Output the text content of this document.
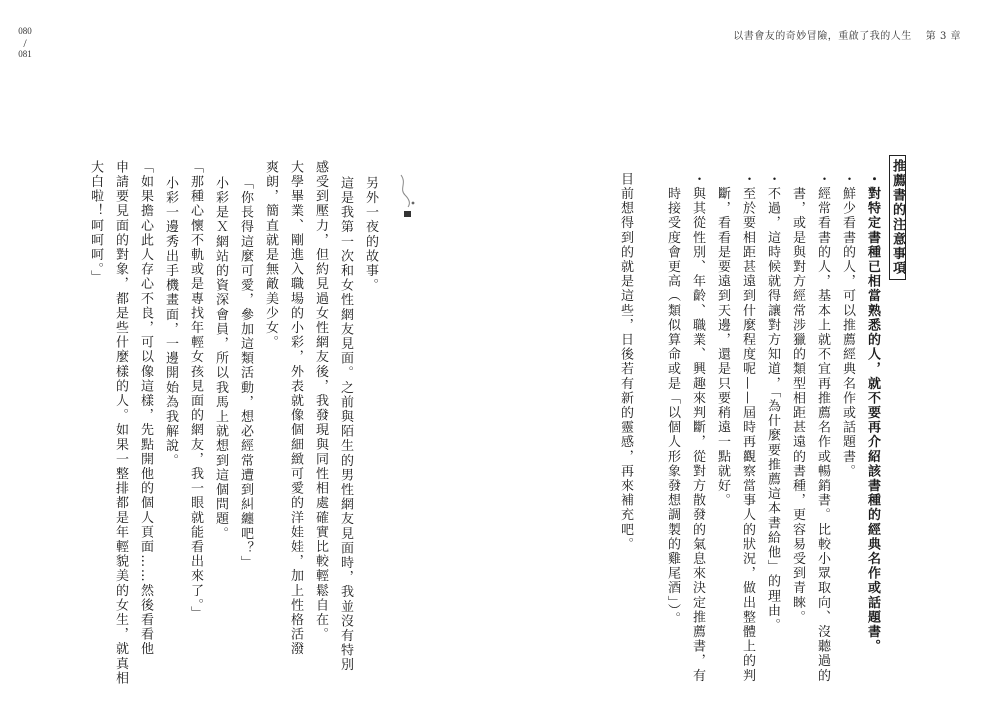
080
/
081
以書會友的奇妙冒險，重啟了我的人生 第 3 章
推薦書的注意事項
・對特定書種已相當熟悉的人，就不要再介紹該書種的經典名作或話題書。
・鮮少看書的人，可以推薦經典名作或話題書。
・經常看書的人，基本上就不宜再推薦名作或暢銷書。比較小眾取向、沒聽過的
　書，或是與對方經常涉獵的類型相距甚遠的書種，更容易受到青睞。
・不過，這時候就得讓對方知道，「為什麼要推薦這本書給他」的理由。
・至於要相距甚遠到什麼程度呢——屆時再觀察當事人的狀況，做出整體上的判
　斷，看看是要遠到天邊，還是只要稍遠一點就好。
・與其從性別、年齡、職業、興趣來判斷，從對方散發的氣息來決定推薦書，有
　時接受度會更高（類似算命或是「以個人形象發想調製的雞尾酒」）。
目前想得到的就是這些，日後若有新的靈感，再來補充吧。
另外一夜的故事。
這是我第一次和女性網友見面。之前與陌生的男性網友見面時，我並沒有特別
感受到壓力，但約見過女性網友後，我發現與同性相處確實比較輕鬆自在。
大學畢業、剛進入職場的小彩，外表就像個細緻可愛的洋娃娃，加上性格活潑
爽朗，簡直就是無敵美少女。
「你長得這麼可愛，參加這類活動，想必經常遭到糾纏吧？」
小彩是Ｘ網站的資深會員，所以我馬上就想到這個問題。
「那種心懷不軌或是專找年輕女孩見面的網友，我一眼就能看出來了。」
小彩一邊秀出手機畫面，一邊開始為我解說。
「如果擔心此人存心不良，可以像這樣，先點開他的個人頁面……然後看看他
申請要見面的對象，都是些什麼樣的人。如果一整排都是年輕貌美的女生，就真相
大白啦！呵呵呵。」
